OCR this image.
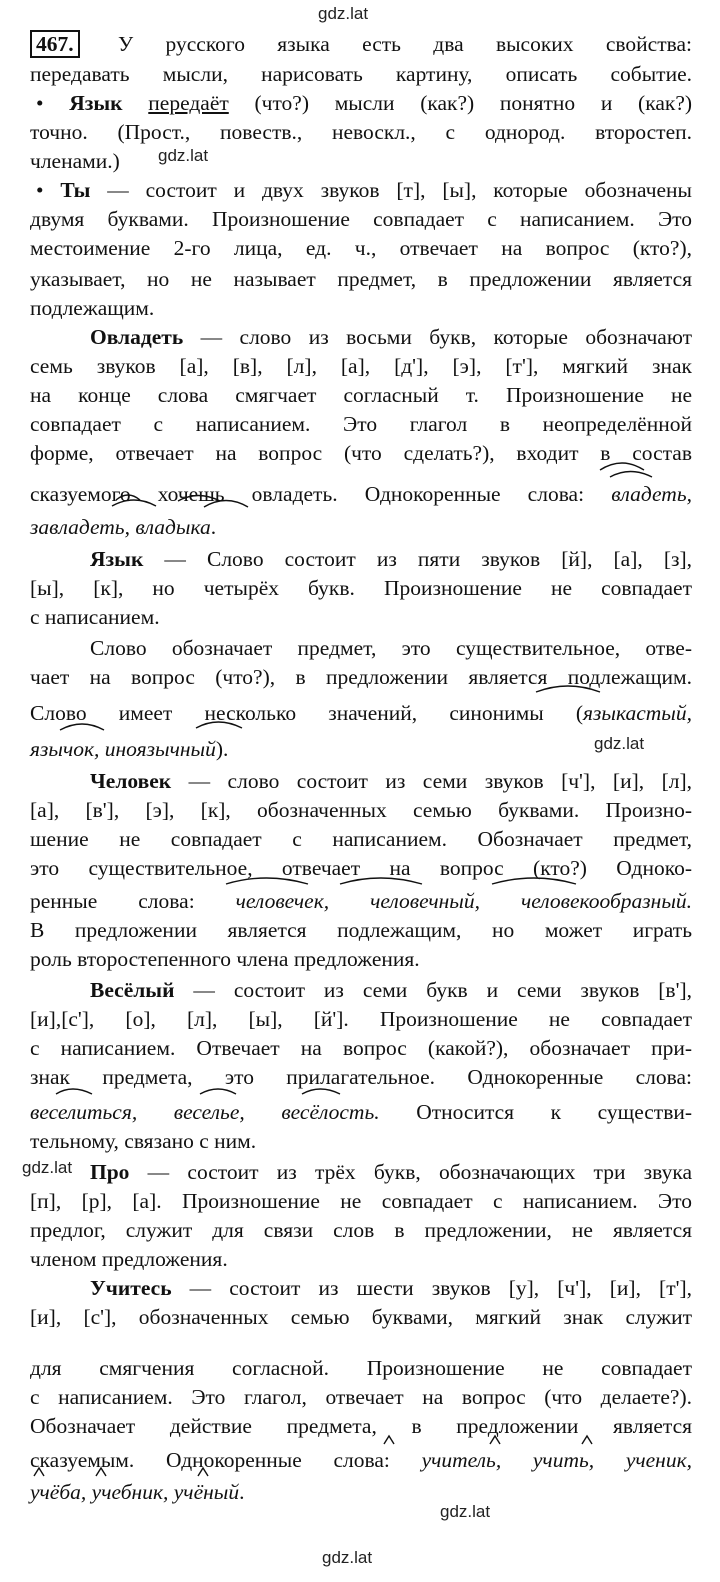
gdz.lat
gdz.lat
gdz.lat
gdz.lat
gdz.lat
gdz.lat
467. У русского языка есть два высоких свойства:
передавать мысли, нарисовать картину, описать событие.
• Язык передаёт (что?) мысли (как?) понятно и (как?)
точно. (Прост., повеств., невоскл., с однород. второстеп.
членами.)
• Ты — состоит и двух звуков [т], [ы], которые обозначены
двумя буквами. Произношение совпадает с написанием. Это
местоимение 2-го лица, ед. ч., отвечает на вопрос (кто?),
указывает, но не называет предмет, в предложении является
подлежащим.
Овладеть — слово из восьми букв, которые обозначают
семь звуков [а], [в], [л], [а], [д'], [э], [т'], мягкий знак
на конце слова смягчает согласный т. Произношение не
совпадает с написанием. Это глагол в неопределённой
форме, отвечает на вопрос (что сделать?), входит в состав
сказуемого хочешь овладеть. Однокоренные слова: владеть,
завладеть, владыка.
Язык — Слово состоит из пяти звуков [й], [а], [з],
[ы], [к], но четырёх букв. Произношение не совпадает
с написанием.
Слово обозначает предмет, это существительное, отве-
чает на вопрос (что?), в предложении является подлежащим.
Слово имеет несколько значений, синонимы (языкастый,
язычок, иноязычный).
Человек — слово состоит из семи звуков [ч'], [и], [л],
[а], [в'], [э], [к], обозначенных семью буквами. Произно-
шение не совпадает с написанием. Обозначает предмет,
это существительное, отвечает на вопрос (кто?) Одноко-
ренные слова: человечек, человечный, человекообразный.
В предложении является подлежащим, но может играть
роль второстепенного члена предложения.
Весёлый — состоит из семи букв и семи звуков [в'],
[и],[с'], [о], [л], [ы], [й']. Произношение не совпадает
с написанием. Отвечает на вопрос (какой?), обозначает при-
знак предмета, это прилагательное. Однокоренные слова:
веселиться, веселье, весёлость. Относится к существи-
тельному, связано с ним.
Про — состоит из трёх букв, обозначающих три звука
[п], [р], [а]. Произношение не совпадает с написанием. Это
предлог, служит для связи слов в предложении, не является
членом предложения.
Учитесь — состоит из шести звуков [у], [ч'], [и], [т'],
[и], [с'], обозначенных семью буквами, мягкий знак служит
для смягчения согласной. Произношение не совпадает
с написанием. Это глагол, отвечает на вопрос (что делаете?).
Обозначает действие предмета, в предложении является
сказуемым. Однокоренные слова: учитель, учить, ученик,
учёба, учебник, учёный.
